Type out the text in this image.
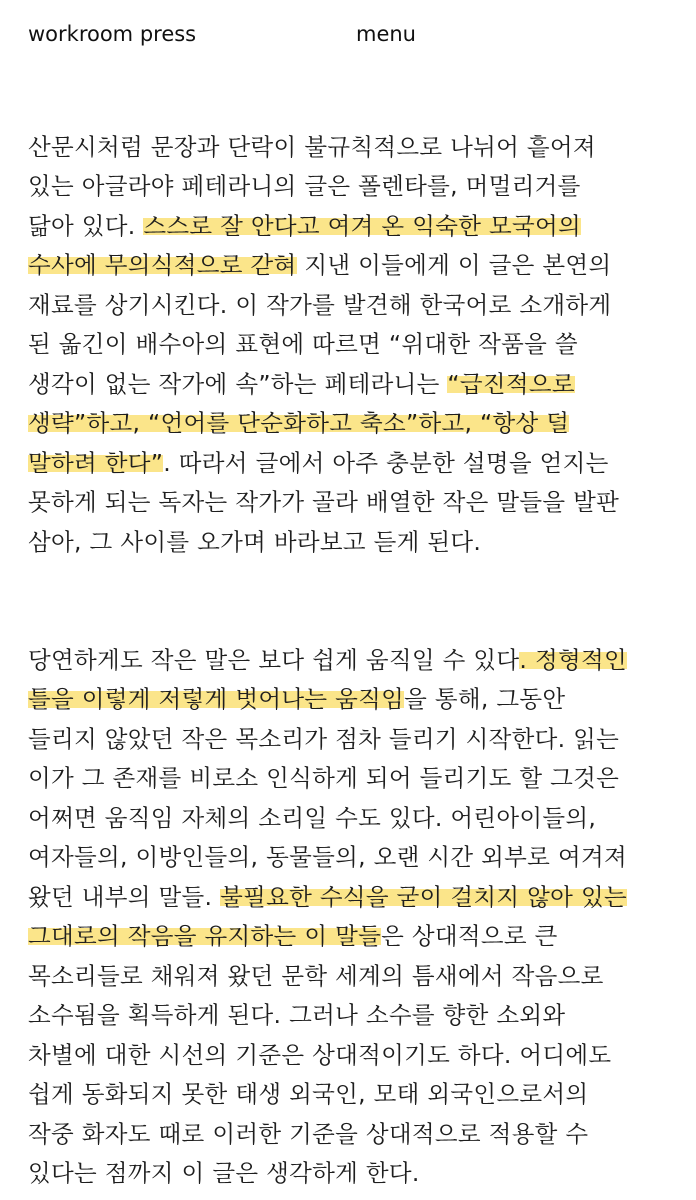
workroom press	menu

산문시처럼 문장과 단락이 불규칙적으로 나뉘어 흩어져
있는 아글라야 페테라니의 글은 폴렌타를, 머멀리거를
닮아 있다. 스스로 잘 안다고 여겨 온 익숙한 모국어의
수사에 무의식적으로 갇혀 지낸 이들에게 이 글은 본연의
재료를 상기시킨다. 이 작가를 발견해 한국어로 소개하게
된 옮긴이 배수아의 표현에 따르면 “위대한 작품을 쓸
생각이 없는 작가에 속”하는 페테라니는 “급진적으로
생략”하고, “언어를 단순화하고 축소”하고, “항상 덜
말하려 한다”. 따라서 글에서 아주 충분한 설명을 얻지는
못하게 되는 독자는 작가가 골라 배열한 작은 말들을 발판
삼아, 그 사이를 오가며 바라보고 듣게 된다.

당연하게도 작은 말은 보다 쉽게 움직일 수 있다. 정형적인
틀을 이렇게 저렇게 벗어나는 움직임을 통해, 그동안
들리지 않았던 작은 목소리가 점차 들리기 시작한다. 읽는
이가 그 존재를 비로소 인식하게 되어 들리기도 할 그것은
어쩌면 움직임 자체의 소리일 수도 있다. 어린아이들의,
여자들의, 이방인들의, 동물들의, 오랜 시간 외부로 여겨져
왔던 내부의 말들. 불필요한 수식을 굳이 걸치지 않아 있는
그대로의 작음을 유지하는 이 말들은 상대적으로 큰
목소리들로 채워져 왔던 문학 세계의 틈새에서 작음으로
소수됨을 획득하게 된다. 그러나 소수를 향한 소외와
차별에 대한 시선의 기준은 상대적이기도 하다. 어디에도
쉽게 동화되지 못한 태생 외국인, 모태 외국인으로서의
작중 화자도 때로 이러한 기준을 상대적으로 적용할 수
있다는 점까지 이 글은 생각하게 한다.
